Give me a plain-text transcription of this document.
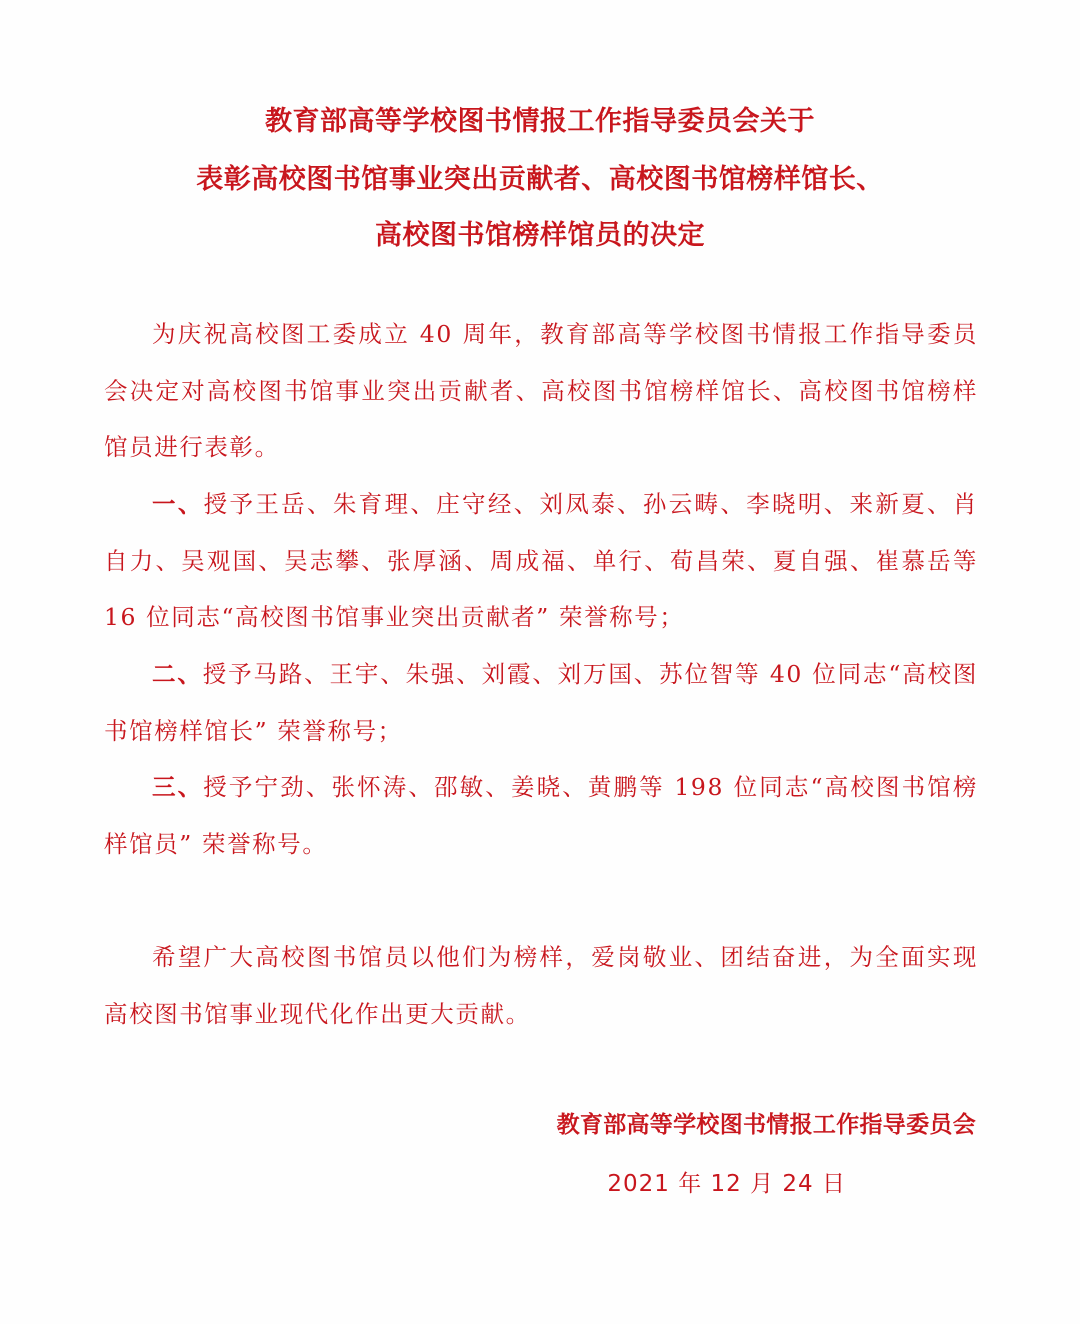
教育部高等学校图书情报工作指导委员会关于
表彰高校图书馆事业突出贡献者、高校图书馆榜样馆长、
高校图书馆榜样馆员的决定

为庆祝高校图工委成立 40 周年，教育部高等学校图书情报工作指导委员会决定对高校图书馆事业突出贡献者、高校图书馆榜样馆长、高校图书馆榜样馆员进行表彰。

一、授予王岳、朱育理、庄守经、刘凤泰、孙云畴、李晓明、来新夏、肖自力、吴观国、吴志攀、张厚涵、周成福、单行、荀昌荣、夏自强、崔慕岳等 16 位同志“高校图书馆事业突出贡献者” 荣誉称号；

二、授予马路、王宇、朱强、刘霞、刘万国、苏位智等 40 位同志“高校图书馆榜样馆长” 荣誉称号；

三、授予宁劲、张怀涛、邵敏、姜晓、黄鹏等 198 位同志“高校图书馆榜样馆员” 荣誉称号。

希望广大高校图书馆员以他们为榜样，爱岗敬业、团结奋进，为全面实现高校图书馆事业现代化作出更大贡献。

教育部高等学校图书情报工作指导委员会

2021 年 12 月 24 日
